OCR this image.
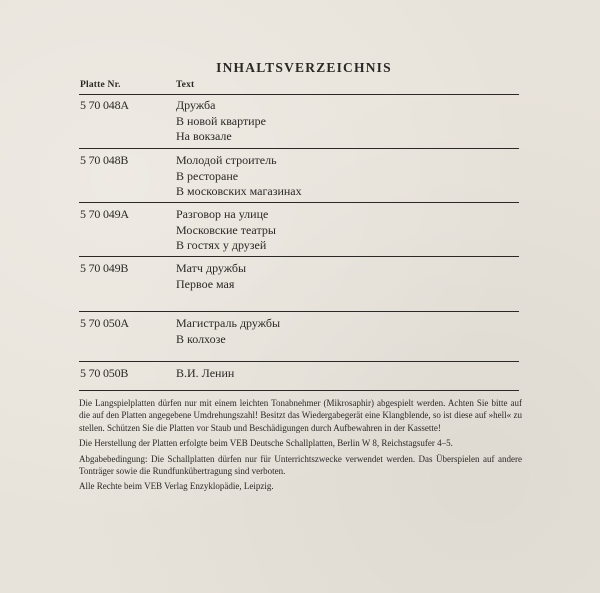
INHALTSVERZEICHNIS
Platte Nr.	Text
5 70 048A	Дружба
В новой квартире
На вокзале
5 70 048B	Молодой строитель
В ресторане
В московских магазинах
5 70 049A	Разговор на улице
Московские театры
В гостях у друзей
5 70 049B	Матч дружбы
Первое мая
5 70 050A	Магистраль дружбы
В колхозе
5 70 050B	В.И. Ленин

Die Langspielplatten dürfen nur mit einem leichten Tonabnehmer (Mikrosaphir) abgespielt werden. Achten Sie bitte auf die auf den Platten angegebene Umdrehungszahl! Besitzt das Wiedergabegerät eine Klangblende, so ist diese auf »hell« zu stellen. Schützen Sie die Platten vor Staub und Beschädigungen durch Aufbewahren in der Kassette!

Die Herstellung der Platten erfolgte beim VEB Deutsche Schallplatten, Berlin W 8, Reichstagsufer 4–5.

Abgabebedingung: Die Schallplatten dürfen nur für Unterrichtszwecke verwendet werden. Das Überspielen auf andere Tonträger sowie die Rundfunkübertragung sind verboten.

Alle Rechte beim VEB Verlag Enzyklopädie, Leipzig.
